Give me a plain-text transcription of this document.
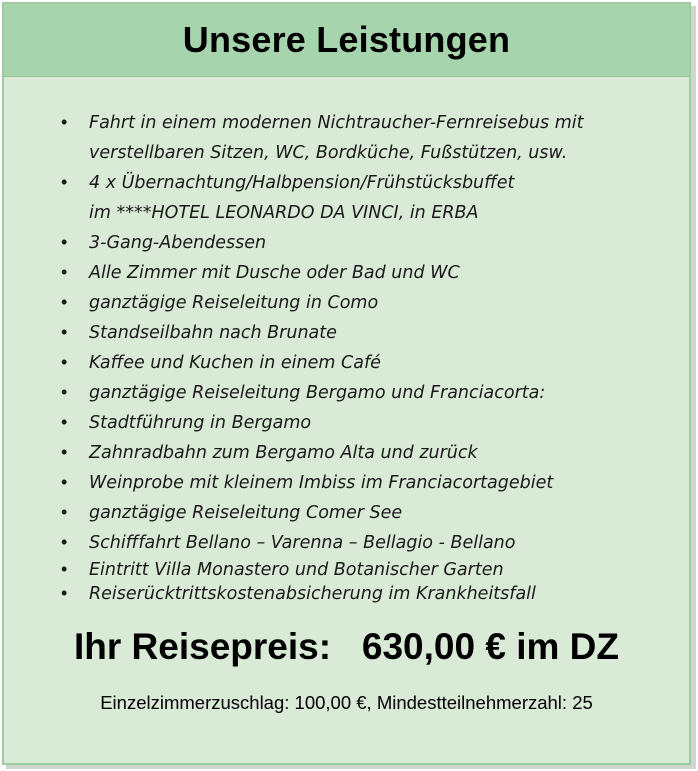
Unsere Leistungen
• Fahrt in einem modernen Nichtraucher-Fernreisebus mit
verstellbaren Sitzen, WC, Bordküche, Fußstützen, usw.
• 4 x Übernachtung/Halbpension/Frühstücksbuffet
im ****HOTEL LEONARDO DA VINCI, in ERBA
• 3-Gang-Abendessen
• Alle Zimmer mit Dusche oder Bad und WC
• ganztägige Reiseleitung in Como
• Standseilbahn nach Brunate
• Kaffee und Kuchen in einem Café
• ganztägige Reiseleitung Bergamo und Franciacorta:
• Stadtführung in Bergamo
• Zahnradbahn zum Bergamo Alta und zurück
• Weinprobe mit kleinem Imbiss im Franciacortagebiet
• ganztägige Reiseleitung Comer See
• Schifffahrt Bellano – Varenna – Bellagio - Bellano
• Eintritt Villa Monastero und Botanischer Garten
• Reiserücktrittskostenabsicherung im Krankheitsfall
Ihr Reisepreis:   630,00 € im DZ
Einzelzimmerzuschlag: 100,00 €, Mindestteilnehmerzahl: 25
